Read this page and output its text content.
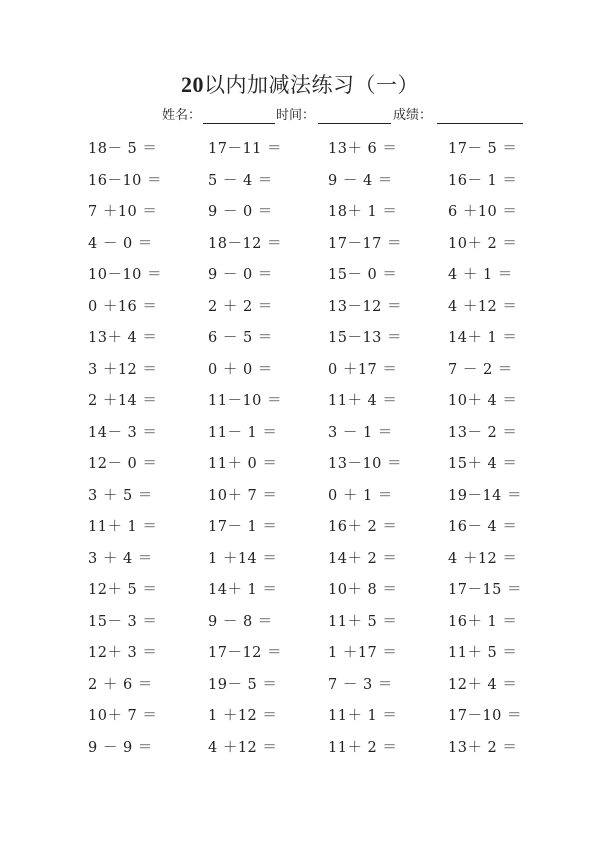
20以内加减法练习（一）
姓名：	时间：	成绩：
18－ 5 ＝	17－11 ＝	13＋ 6 ＝	17－ 5 ＝
16－10 ＝	5 － 4 ＝	9 － 4 ＝	16－ 1 ＝
7 ＋10 ＝	9 － 0 ＝	18＋ 1 ＝	6 ＋10 ＝
4 － 0 ＝	18－12 ＝	17－17 ＝	10＋ 2 ＝
10－10 ＝	9 － 0 ＝	15－ 0 ＝	4 ＋ 1 ＝
0 ＋16 ＝	2 ＋ 2 ＝	13－12 ＝	4 ＋12 ＝
13＋ 4 ＝	6 － 5 ＝	15－13 ＝	14＋ 1 ＝
3 ＋12 ＝	0 ＋ 0 ＝	0 ＋17 ＝	7 － 2 ＝
2 ＋14 ＝	11－10 ＝	11＋ 4 ＝	10＋ 4 ＝
14－ 3 ＝	11－ 1 ＝	3 － 1 ＝	13－ 2 ＝
12－ 0 ＝	11＋ 0 ＝	13－10 ＝	15＋ 4 ＝
3 ＋ 5 ＝	10＋ 7 ＝	0 ＋ 1 ＝	19－14 ＝
11＋ 1 ＝	17－ 1 ＝	16＋ 2 ＝	16－ 4 ＝
3 ＋ 4 ＝	1 ＋14 ＝	14＋ 2 ＝	4 ＋12 ＝
12＋ 5 ＝	14＋ 1 ＝	10＋ 8 ＝	17－15 ＝
15－ 3 ＝	9 － 8 ＝	11＋ 5 ＝	16＋ 1 ＝
12＋ 3 ＝	17－12 ＝	1 ＋17 ＝	11＋ 5 ＝
2 ＋ 6 ＝	19－ 5 ＝	7 － 3 ＝	12＋ 4 ＝
10＋ 7 ＝	1 ＋12 ＝	11＋ 1 ＝	17－10 ＝
9 － 9 ＝	4 ＋12 ＝	11＋ 2 ＝	13＋ 2 ＝
